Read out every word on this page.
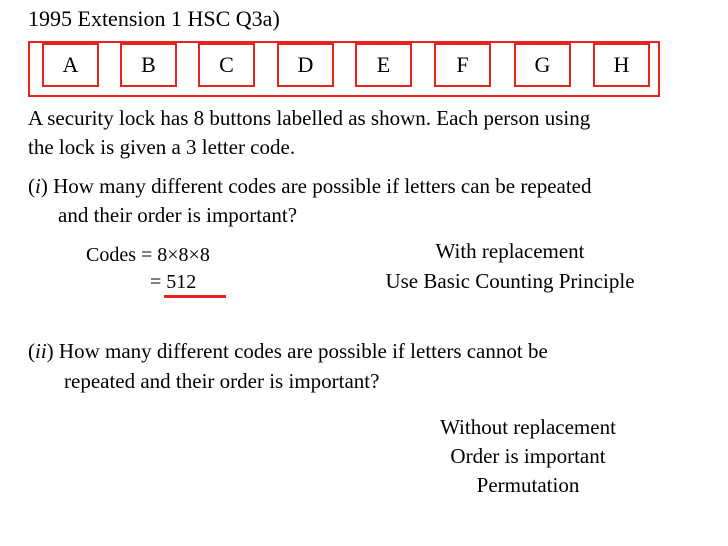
1995 Extension 1 HSC Q3a)
A	B	C	D	E	F	G	H
A security lock has 8 buttons labelled as shown. Each person using
the lock is given a 3 letter code.
(i) How many different codes are possible if letters can be repeated
and their order is important?
Codes = 8×8×8
= 512
With replacement
Use Basic Counting Principle
(ii) How many different codes are possible if letters cannot be
repeated and their order is important?
Without replacement
Order is important
Permutation
